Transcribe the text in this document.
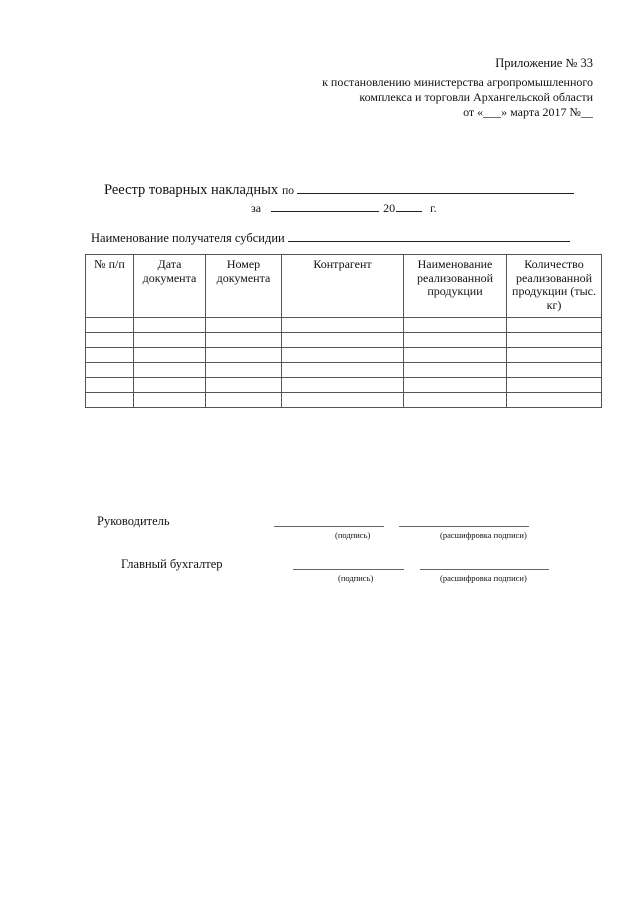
Приложение № 33
к постановлению министерства агропромышленного
комплекса и торговли Архангельской области
от «___» марта 2017 №__
Реестр товарных накладных по
за	20	г.
Наименование получателя субсидии
№ п/п	Дата документа	Номер документа	Контрагент	Наименование реализованной продукции	Количество реализованной продукции (тыс. кг)

Руководитель
(подпись)	(расшифровка подписи)
Главный бухгалтер
(подпись)	(расшифровка подписи)
